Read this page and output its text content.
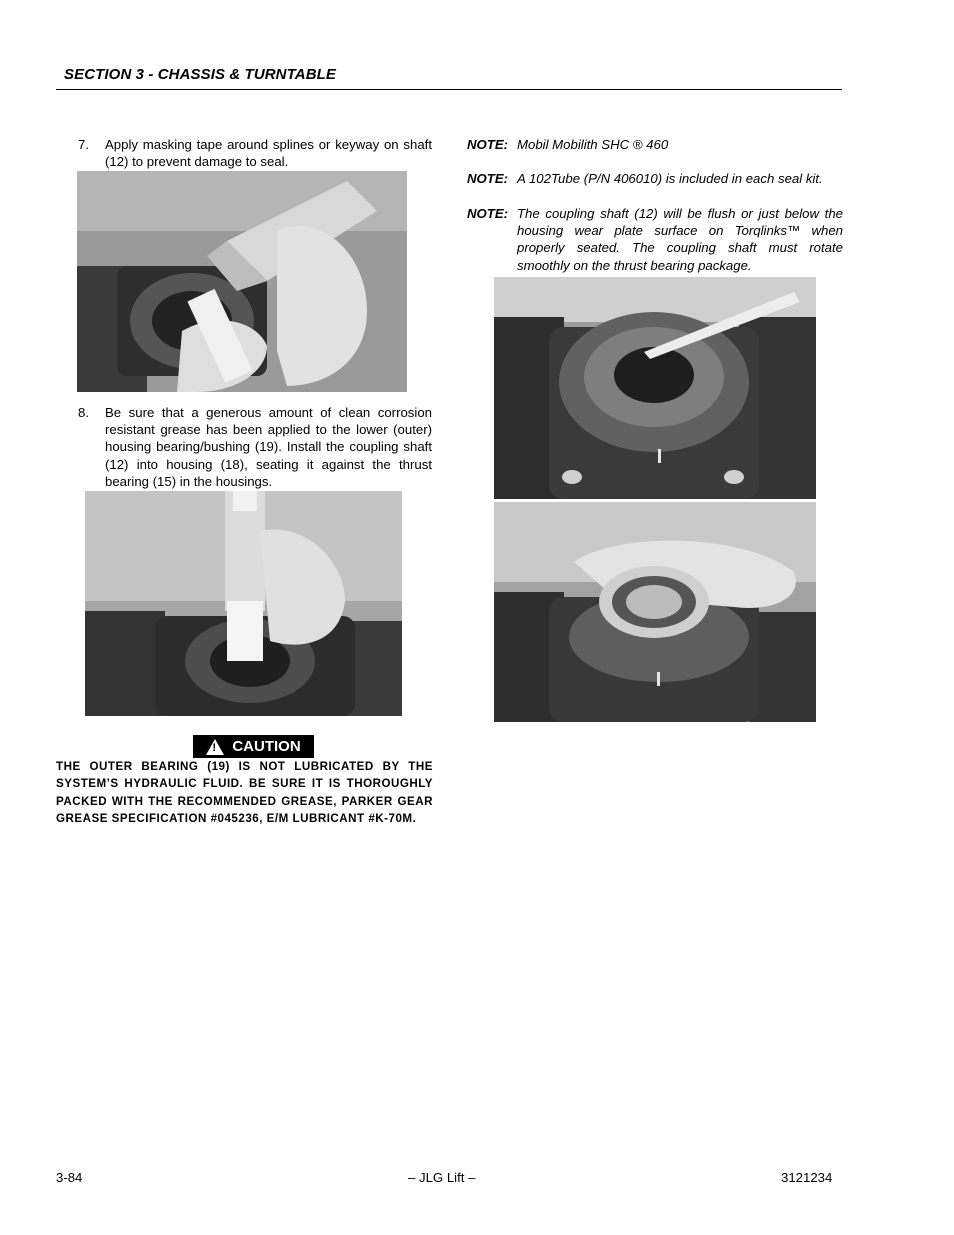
SECTION 3 - CHASSIS & TURNTABLE
7. Apply masking tape around splines or keyway on shaft (12) to prevent damage to seal.
8. Be sure that a generous amount of clean corrosion resistant grease has been applied to the lower (outer) housing bearing/bushing (19). Install the coupling shaft (12) into housing (18), seating it against the thrust bearing (15) in the housings.
! CAUTION
THE OUTER BEARING (19) IS NOT LUBRICATED BY THE SYSTEM’S HYDRAULIC FLUID. BE SURE IT IS THOROUGHLY PACKED WITH THE RECOMMENDED GREASE, PARKER GEAR GREASE SPECIFICATION #045236, E/M LUBRICANT #K-70M.
NOTE: Mobil Mobilith SHC ® 460
NOTE: A 102Tube (P/N 406010) is included in each seal kit.
NOTE: The coupling shaft (12) will be flush or just below the housing wear plate surface on Torqlinks™ when properly seated. The coupling shaft must rotate smoothly on the thrust bearing package.
3-84	– JLG Lift –	3121234
